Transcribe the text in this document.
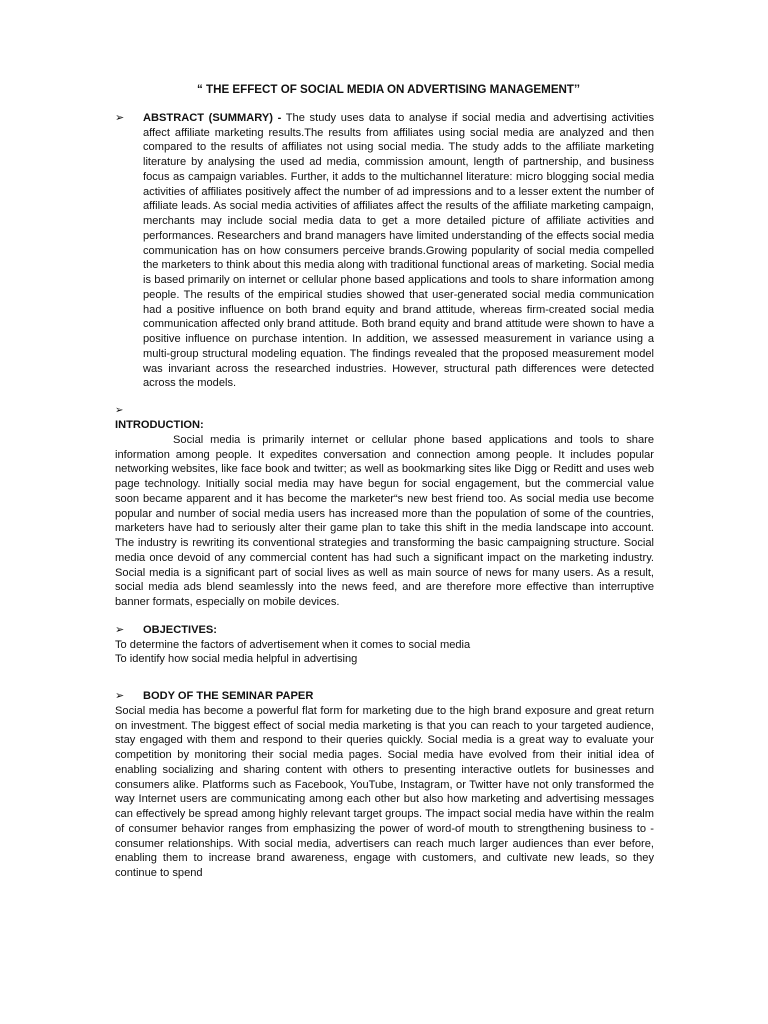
“ THE EFFECT OF SOCIAL MEDIA ON ADVERTISING MANAGEMENT’’
➢	ABSTRACT (SUMMARY) - The study uses data to analyse if social media and advertising activities affect affiliate marketing results.The results from affiliates using social media are analyzed and then compared to the results of affiliates not using social media. The study adds to the affiliate marketing literature by analysing the used ad media, commission amount, length of partnership, and business focus as campaign variables. Further, it adds to the multichannel literature: micro blogging social media activities of affiliates positively affect the number of ad impressions and to a lesser extent the number of affiliate leads. As social media activities of affiliates affect the results of the affiliate marketing campaign, merchants may include social media data to get a more detailed picture of affiliate activities and performances. Researchers and brand managers have limited understanding of the effects social media communication has on how consumers perceive brands.Growing popularity of social media compelled the marketers to think about this media along with traditional functional areas of marketing. Social media is based primarily on internet or cellular phone based applications and tools to share information among people. The results of the empirical studies showed that user-generated social media communication had a positive influence on both brand equity and brand attitude, whereas firm-created social media communication affected only brand attitude. Both brand equity and brand attitude were shown to have a positive influence on purchase intention. In addition, we assessed measurement in variance using a multi-group structural modeling equation. The findings revealed that the proposed measurement model was invariant across the researched industries. However, structural path differences were detected across the models.

➢
INTRODUCTION:

Social media is primarily internet or cellular phone based applications and tools to share information among people. It expedites conversation and connection among people. It includes popular networking websites, like face book and twitter; as well as bookmarking sites like Digg or Reditt and uses web page technology. Initially social media may have begun for social engagement, but the commercial value soon became apparent and it has become the marketer“s new best friend too. As social media use become popular and number of social media users has increased more than the population of some of the countries, marketers have had to seriously alter their game plan to take this shift in the media landscape into account. The industry is rewriting its conventional strategies and transforming the basic campaigning structure. Social media once devoid of any commercial content has had such a significant impact on the marketing industry. Social media is a significant part of social lives as well as main source of news for many users. As a result, social media ads blend seamlessly into the news feed, and are therefore more effective than interruptive banner formats, especially on mobile devices.

➢	OBJECTIVES:
To determine the factors of advertisement when it comes to social media
To identify how social media helpful in advertising
➢	BODY OF THE SEMINAR PAPER

Social media has become a powerful flat form for marketing due to the high brand exposure and great return on investment. The biggest effect of social media marketing is that you can reach to your targeted audience, stay engaged with them and respond to their queries quickly. Social media is a great way to evaluate your competition by monitoring their social media pages. Social media have evolved from their initial idea of enabling socializing and sharing content with others to presenting interactive outlets for businesses and consumers alike. Platforms such as Facebook, YouTube, Instagram, or Twitter have not only transformed the way Internet users are communicating among each other but also how marketing and advertising messages can effectively be spread among highly relevant target groups. The impact social media have within the realm of consumer behavior ranges from emphasizing the power of word-of mouth to strengthening business to -consumer relationships. With social media, advertisers can reach much larger audiences than ever before, enabling them to increase brand awareness, engage with customers, and cultivate new leads, so they continue to spend
